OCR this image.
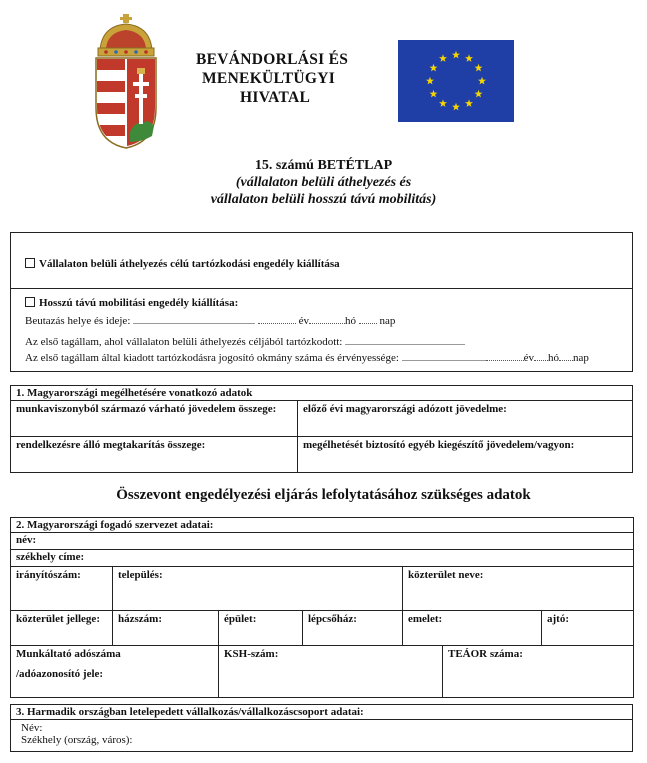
BEVÁNDORLÁSI ÉS
MENEKÜLTÜGYI
HIVATAL
15. számú BETÉTLAP
(vállalaton belüli áthelyezés és
vállalaton belüli hosszú távú mobilitás)
Vállalaton belüli áthelyezés célú tartózkodási engedély kiállítása
Hosszú távú mobilitási engedély kiállítása:
Beutazás helye és ideje:	év	hó nap
Az első tagállam, ahol vállalaton belüli áthelyezés céljából tartózkodott:
Az első tagállam által kiadott tartózkodásra jogosító okmány száma és érvényessége:	év hó nap
1. Magyarországi megélhetésére vonatkozó adatok	
munkaviszonyból származó várható jövedelem összege:	előző évi magyarországi adózott jövedelme:
rendelkezésre álló megtakarítás összege:	megélhetését biztosító egyéb kiegészítő jövedelem/vagyon:
Összevont engedélyezési eljárás lefolytatásához szükséges adatok
2. Magyarországi fogadó szervezet adatai:						
név:						
székhely címe:						
irányítószám:	település:			közterület neve:		
közterület jellege:	házszám:	épület:	lépcsőház:	emelet:		ajtó:

Munkáltató adószáma
/adóazonosító jele:		KSH-szám:			TEÁOR száma:	
3. Harmadik országban letelepedett vállalkozás/vállalkozáscsoport adatai:

Név:
Székhely (ország, város):
